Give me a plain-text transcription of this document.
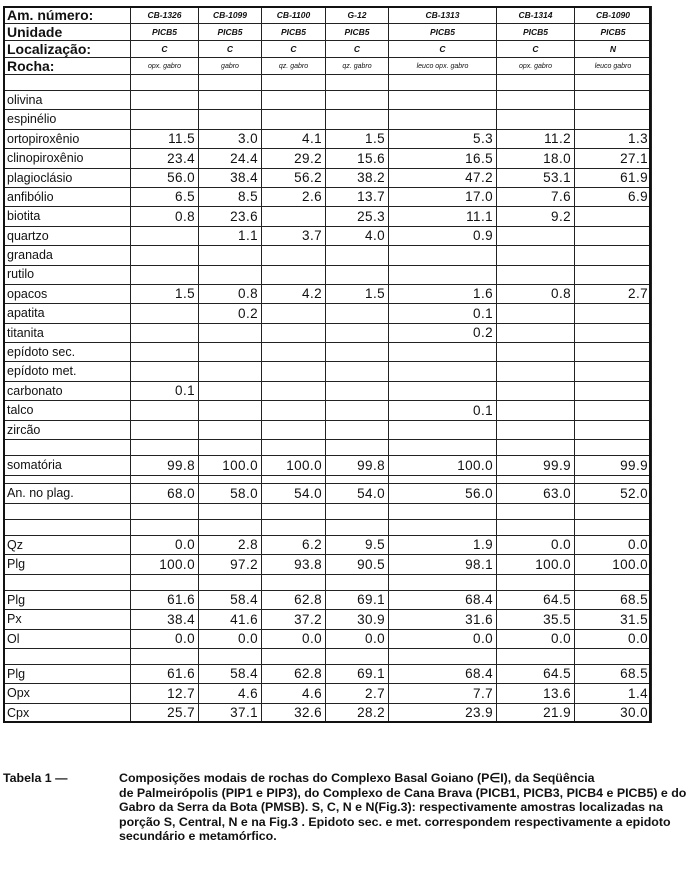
Am. número:	CB-1326	CB-1099	CB-1100	G-12	CB-1313	CB-1314	CB-1090
Unidade	PICB5	PICB5	PICB5	PICB5	PICB5	PICB5	PICB5
Localização:	C	C	C	C	C	C	N
Rocha:	opx. gabro	gabro	qz. gabro	qz. gabro	leuco opx. gabro	opx. gabro	leuco gabro

olivina							
espinélio							
ortopiroxênio	11.5	3.0	4.1	1.5	5.3	11.2	1.3
clinopiroxênio	23.4	24.4	29.2	15.6	16.5	18.0	27.1
plagioclásio	56.0	38.4	56.2	38.2	47.2	53.1	61.9
anfibólio	6.5	8.5	2.6	13.7	17.0	7.6	6.9
biotita	0.8	23.6		25.3	11.1	9.2	
quartzo		1.1	3.7	4.0	0.9		
granada							
rutilo							
opacos	1.5	0.8	4.2	1.5	1.6	0.8	2.7
apatita		0.2			0.1		
titanita					0.2		
epídoto sec.							
epídoto met.							
carbonato	0.1						
talco					0.1		
zircão							

somatória	99.8	100.0	100.0	99.8	100.0	99.9	99.9

An. no plag.	68.0	58.0	54.0	54.0	56.0	63.0	52.0

Qz	0.0	2.8	6.2	9.5	1.9	0.0	0.0
Plg	100.0	97.2	93.8	90.5	98.1	100.0	100.0

Plg	61.6	58.4	62.8	69.1	68.4	64.5	68.5
Px	38.4	41.6	37.2	30.9	31.6	35.5	31.5
Ol	0.0	0.0	0.0	0.0	0.0	0.0	0.0

Plg	61.6	58.4	62.8	69.1	68.4	64.5	68.5
Opx	12.7	4.6	4.6	2.7	7.7	13.6	1.4
Cpx	25.7	37.1	32.6	28.2	23.9	21.9	30.0
Tabela 1 —	Composições modais de rochas do Complexo Basal Goiano (P∈I), da Seqüência
de Palmeirópolis (PIP1 e PIP3), do Complexo de Cana Brava (PICB1, PICB3, PICB4 e PICB5) e do Gabro da Serra da Bota (PMSB). S, C, N e N(Fig.3): respectivamente amostras localizadas na porção S, Central, N e na Fig.3 . Epidoto sec. e met. correspondem respectivamente a epidoto secundário e metamórfico.
